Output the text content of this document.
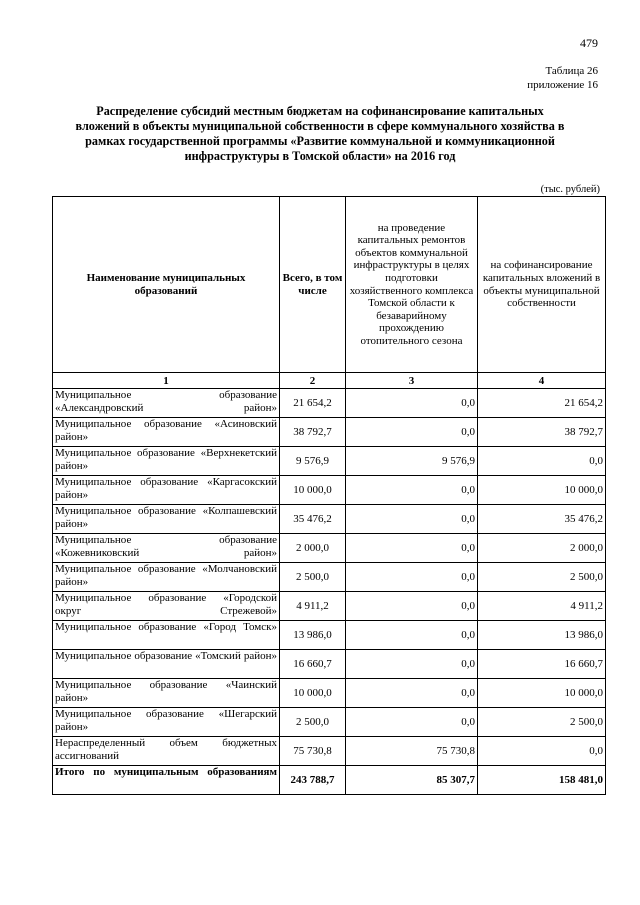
479
Таблица 26
приложение 16
Распределение субсидий местным бюджетам на софинансирование капитальных вложений в объекты муниципальной собственности в сфере коммунального хозяйства в рамках государственной программы «Развитие коммунальной и коммуникационной инфраструктуры в Томской области» на 2016 год
(тыс. рублей)
Наименование муниципальных образований	Всего, в том числе	на проведение капитальных ремонтов объектов коммунальной инфраструктуры в целях подготовки хозяйственного комплекса Томской области к безаварийному прохождению отопительного сезона	на софинансирование капитальных вложений в объекты муниципальной собственности
1	2	3	4
Муниципальное образование «Александровский район»	21 654,2	0,0	21 654,2
Муниципальное образование «Асиновский район»	38 792,7	0,0	38 792,7
Муниципальное образование «Верхнекетский район»	9 576,9	9 576,9	0,0
Муниципальное образование «Каргасокский район»	10 000,0	0,0	10 000,0
Муниципальное образование «Колпашевский район»	35 476,2	0,0	35 476,2
Муниципальное образование «Кожевниковский район»	2 000,0	0,0	2 000,0
Муниципальное образование «Молчановский район»	2 500,0	0,0	2 500,0
Муниципальное образование «Городской округ Стрежевой»	4 911,2	0,0	4 911,2
Муниципальное образование «Город Томск»	13 986,0	0,0	13 986,0
Муниципальное образование «Томский район»	16 660,7	0,0	16 660,7
Муниципальное образование «Чаинский район»	10 000,0	0,0	10 000,0
Муниципальное образование «Шегарский район»	2 500,0	0,0	2 500,0
Нераспределенный объем бюджетных ассигнований	75 730,8	75 730,8	0,0
Итого по муниципальным образованиям	243 788,7	85 307,7	158 481,0
